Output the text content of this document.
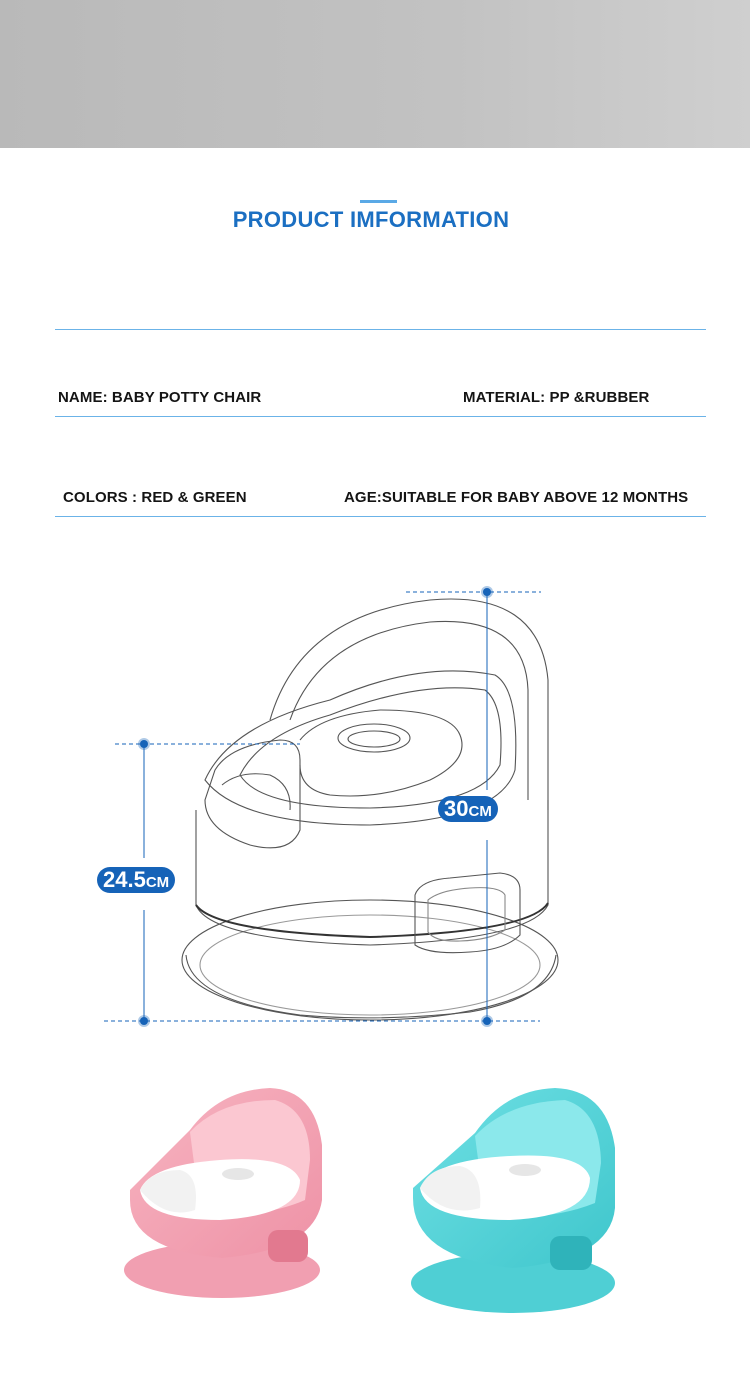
PRODUCT IMFORMATION
NAME: BABY POTTY CHAIR	MATERIAL: PP &RUBBER
COLORS : RED & GREEN	AGE:SUITABLE FOR BABY ABOVE 12 MONTHS
24.5CM
30CM
